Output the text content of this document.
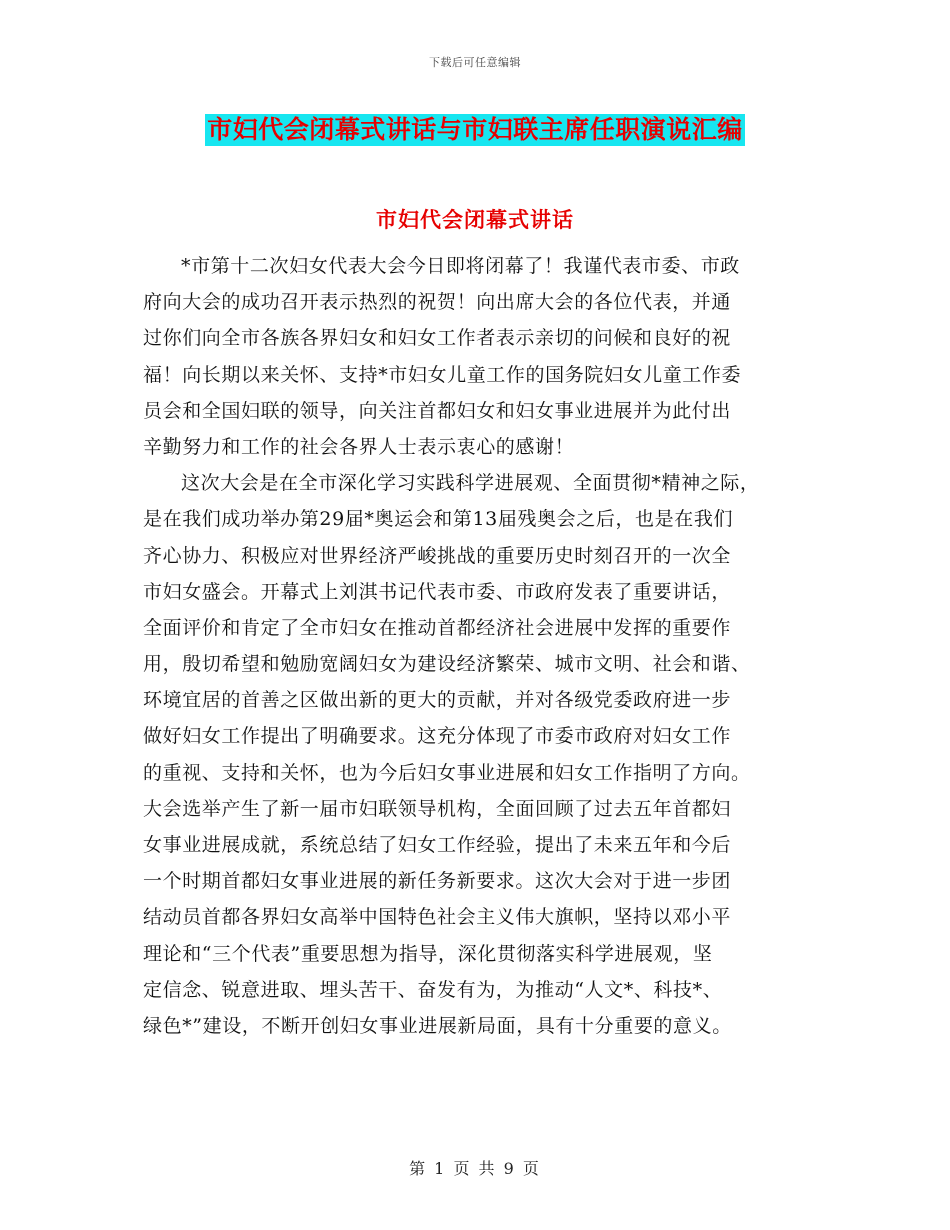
下载后可任意编辑
市妇代会闭幕式讲话与市妇联主席任职演说汇编
市妇代会闭幕式讲话
*市第十二次妇女代表大会今日即将闭幕了！我谨代表市委、市政
府向大会的成功召开表示热烈的祝贺！向出席大会的各位代表，并通
过你们向全市各族各界妇女和妇女工作者表示亲切的问候和良好的祝
福！向长期以来关怀、支持*市妇女儿童工作的国务院妇女儿童工作委
员会和全国妇联的领导，向关注首都妇女和妇女事业进展并为此付出
辛勤努力和工作的社会各界人士表示衷心的感谢！
这次大会是在全市深化学习实践科学进展观、全面贯彻*精神之际，
是在我们成功举办第29届*奥运会和第13届残奥会之后，也是在我们
齐心协力、积极应对世界经济严峻挑战的重要历史时刻召开的一次全
市妇女盛会。开幕式上刘淇书记代表市委、市政府发表了重要讲话，
全面评价和肯定了全市妇女在推动首都经济社会进展中发挥的重要作
用，殷切希望和勉励宽阔妇女为建设经济繁荣、城市文明、社会和谐、
环境宜居的首善之区做出新的更大的贡献，并对各级党委政府进一步
做好妇女工作提出了明确要求。这充分体现了市委市政府对妇女工作
的重视、支持和关怀，也为今后妇女事业进展和妇女工作指明了方向。
大会选举产生了新一届市妇联领导机构，全面回顾了过去五年首都妇
女事业进展成就，系统总结了妇女工作经验，提出了未来五年和今后
一个时期首都妇女事业进展的新任务新要求。这次大会对于进一步团
结动员首都各界妇女高举中国特色社会主义伟大旗帜，坚持以邓小平
理论和“三个代表”重要思想为指导，深化贯彻落实科学进展观，坚
定信念、锐意进取、埋头苦干、奋发有为，为推动“人文*、科技*、
绿色*”建设，不断开创妇女事业进展新局面，具有十分重要的意义。
第 1 页 共 9 页
